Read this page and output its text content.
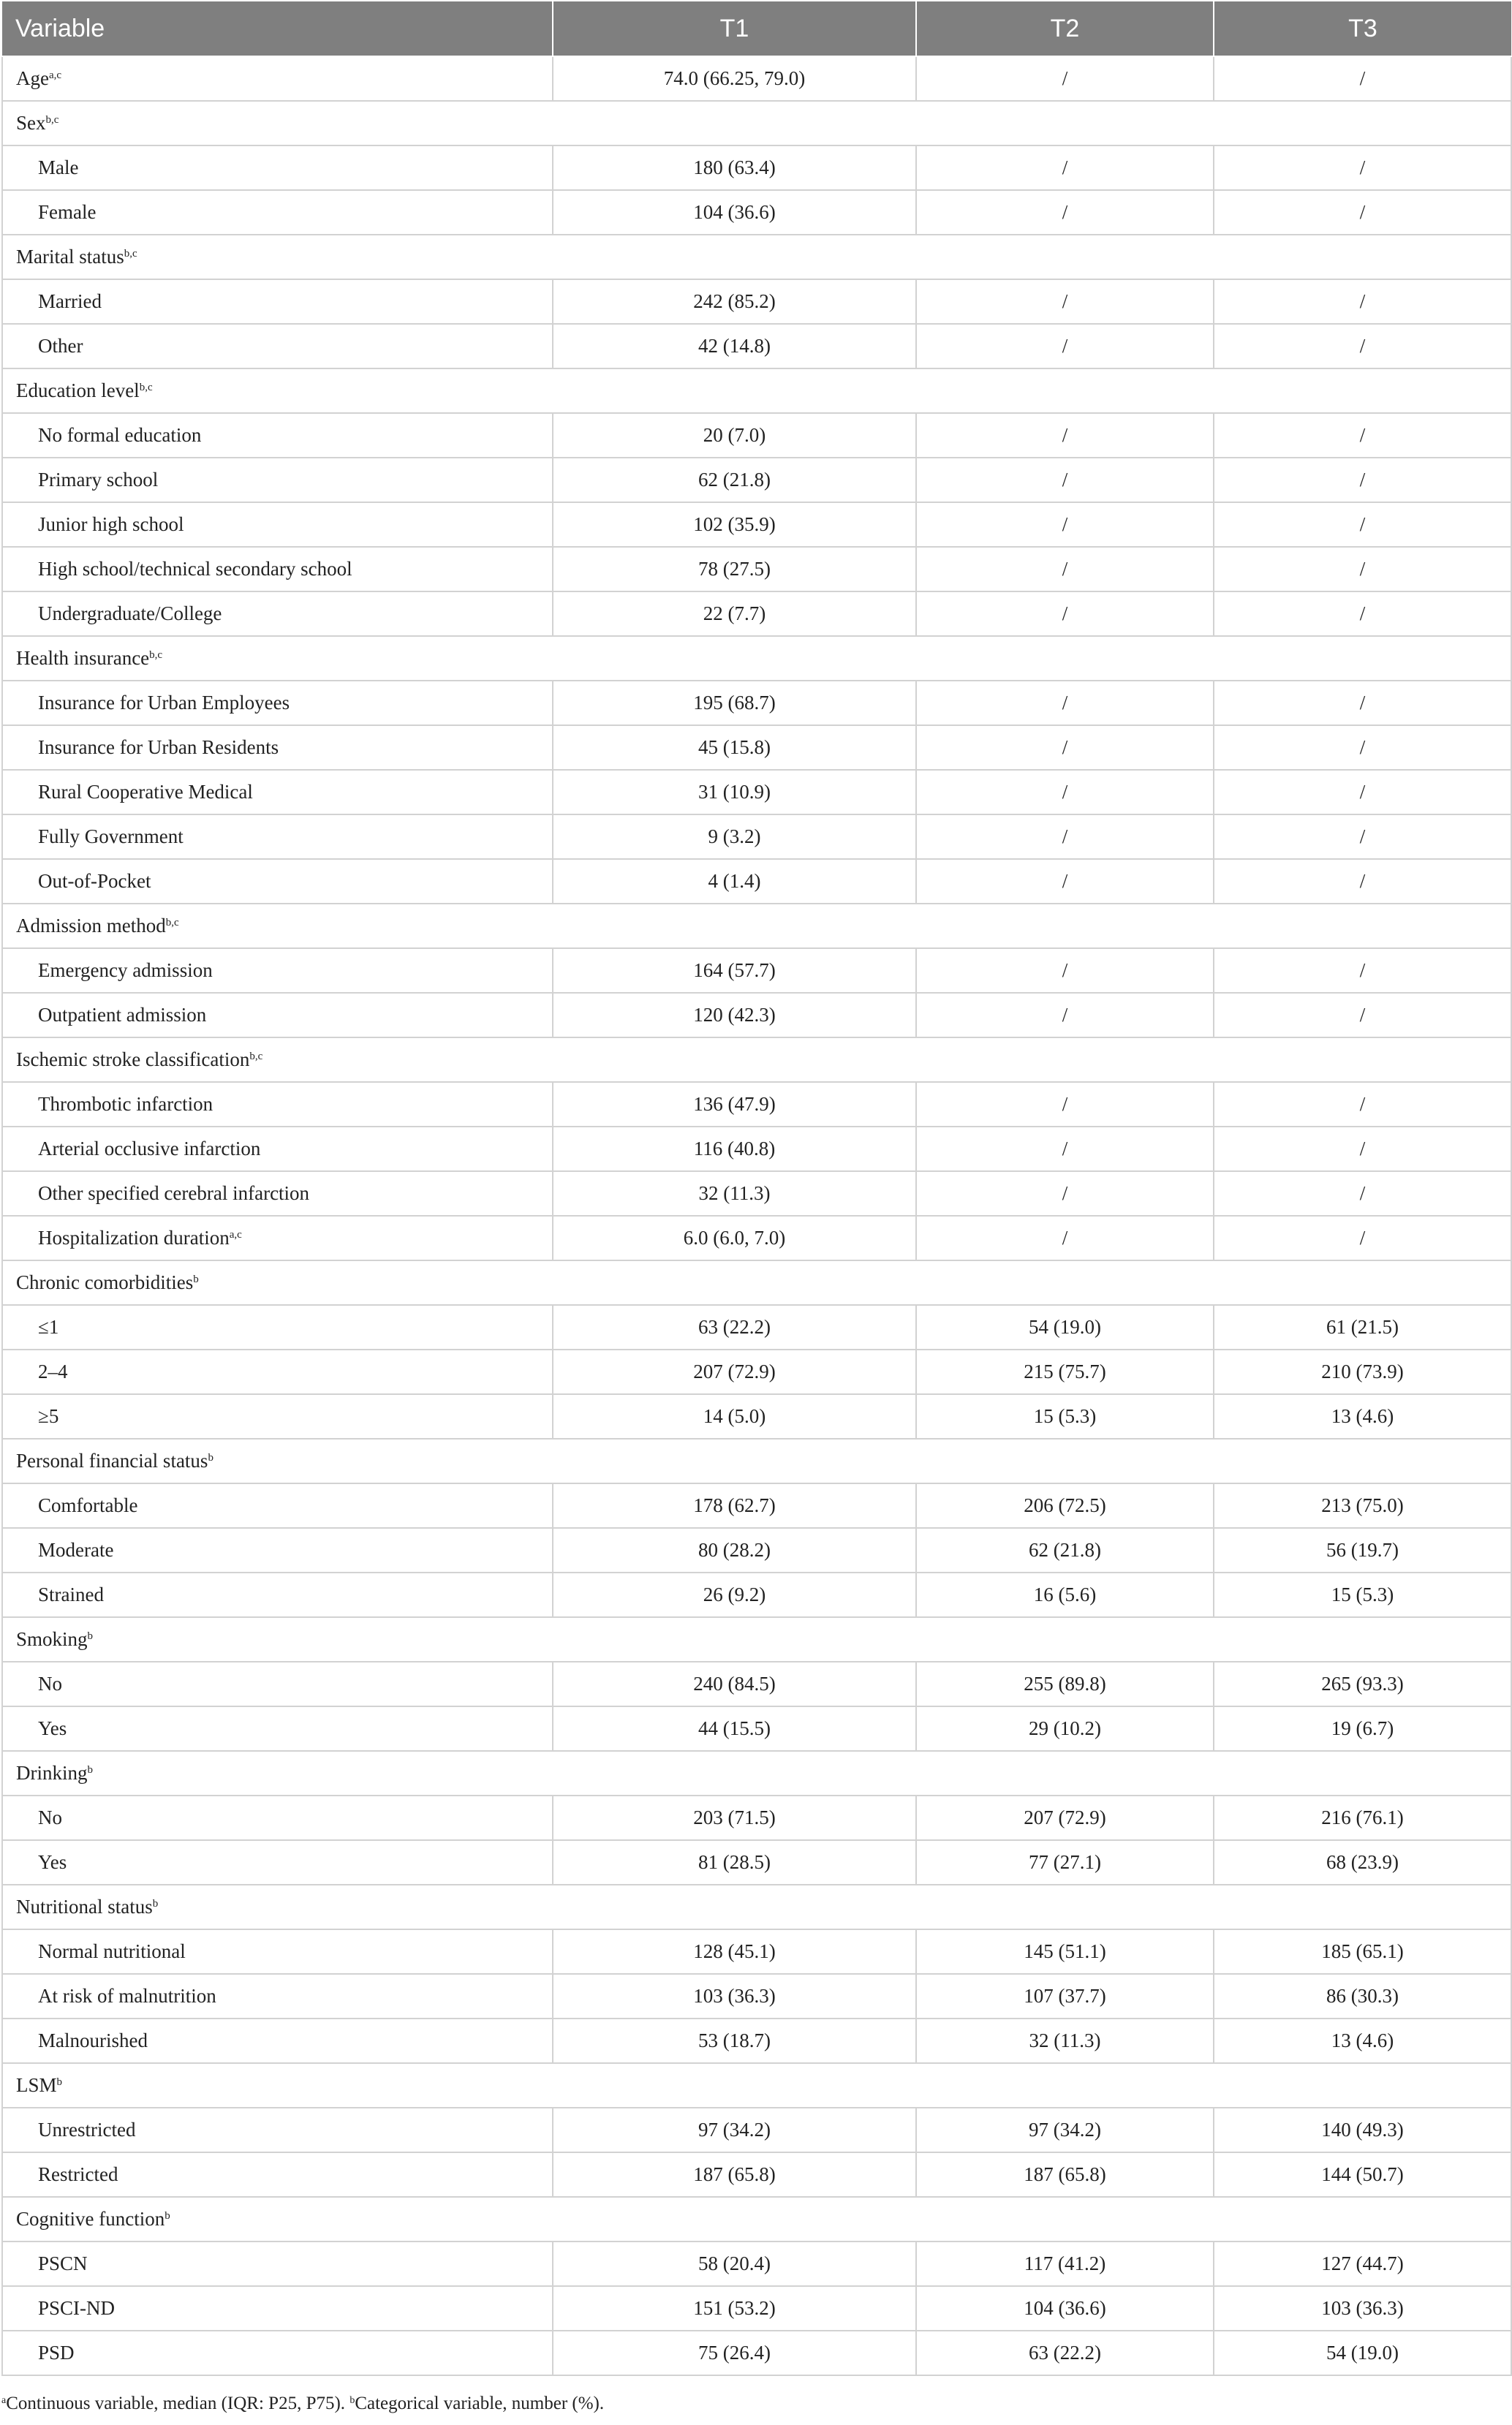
Variable	T1	T2	T3
Age$^{a,c}$	74.0 (66.25, 79.0)	/	/
Sex$^{b,c}$	
Male	180 (63.4)	/	/
Female	104 (36.6)	/	/
Marital status$^{b,c}$	
Married	242 (85.2)	/	/
Other	42 (14.8)	/	/
Education level$^{b,c}$	
No formal education	20 (7.0)	/	/
Primary school	62 (21.8)	/	/
Junior high school	102 (35.9)	/	/
High school/technical secondary school	78 (27.5)	/	/
Undergraduate/College	22 (7.7)	/	/
Health insurance$^{b,c}$	
Insurance for Urban Employees	195 (68.7)	/	/
Insurance for Urban Residents	45 (15.8)	/	/
Rural Cooperative Medical	31 (10.9)	/	/
Fully Government	9 (3.2)	/	/
Out-of-Pocket	4 (1.4)	/	/
Admission method$^{b,c}$	
Emergency admission	164 (57.7)	/	/
Outpatient admission	120 (42.3)	/	/
Ischemic stroke classification$^{b,c}$	
Thrombotic infarction	136 (47.9)	/	/
Arterial occlusive infarction	116 (40.8)	/	/
Other specified cerebral infarction	32 (11.3)	/	/
Hospitalization duration$^{a,c}$	6.0 (6.0, 7.0)	/	/
Chronic comorbidities$^b$	
≤1	63 (22.2)	54 (19.0)	61 (21.5)
2–4	207 (72.9)	215 (75.7)	210 (73.9)
≥5	14 (5.0)	15 (5.3)	13 (4.6)
Personal financial status$^b$	
Comfortable	178 (62.7)	206 (72.5)	213 (75.0)
Moderate	80 (28.2)	62 (21.8)	56 (19.7)
Strained	26 (9.2)	16 (5.6)	15 (5.3)
Smoking$^b$	
No	240 (84.5)	255 (89.8)	265 (93.3)
Yes	44 (15.5)	29 (10.2)	19 (6.7)
Drinking$^b$	
No	203 (71.5)	207 (72.9)	216 (76.1)
Yes	81 (28.5)	77 (27.1)	68 (23.9)
Nutritional status$^b$	
Normal nutritional	128 (45.1)	145 (51.1)	185 (65.1)
At risk of malnutrition	103 (36.3)	107 (37.7)	86 (30.3)
Malnourished	53 (18.7)	32 (11.3)	13 (4.6)
LSM$^b$	
Unrestricted	97 (34.2)	97 (34.2)	140 (49.3)
Restricted	187 (65.8)	187 (65.8)	144 (50.7)
Cognitive function$^b$	
PSCN	58 (20.4)	117 (41.2)	127 (44.7)
PSCI-ND	151 (53.2)	104 (36.6)	103 (36.3)
PSD	75 (26.4)	63 (22.2)	54 (19.0)
$^a$Continuous variable, median (IQR: P25, P75). $^b$Categorical variable, number (%).
